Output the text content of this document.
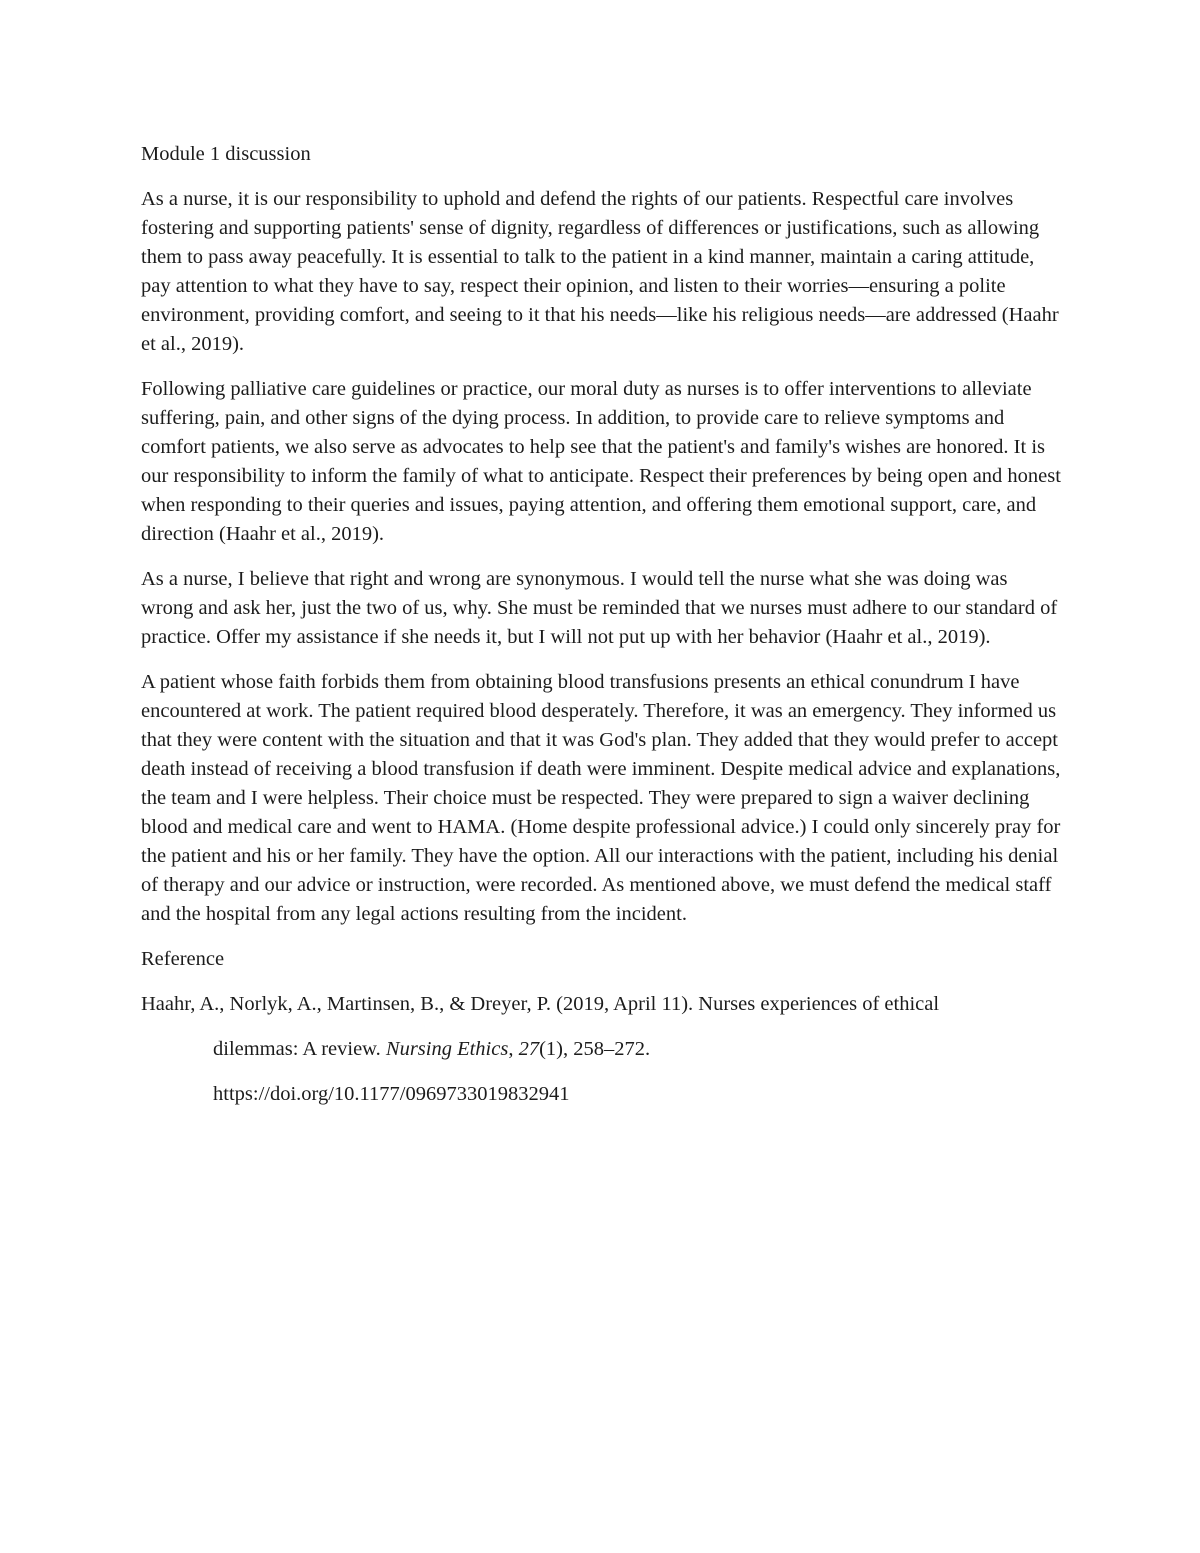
Module 1 discussion

As a nurse, it is our responsibility to uphold and defend the rights of our patients. Respectful care involves fostering and supporting patients' sense of dignity, regardless of differences or justifications, such as allowing them to pass away peacefully. It is essential to talk to the patient in a kind manner, maintain a caring attitude, pay attention to what they have to say, respect their opinion, and listen to their worries—ensuring a polite environment, providing comfort, and seeing to it that his needs—like his religious needs—are addressed (Haahr et al., 2019).

Following palliative care guidelines or practice, our moral duty as nurses is to offer interventions to alleviate suffering, pain, and other signs of the dying process. In addition, to provide care to relieve symptoms and comfort patients, we also serve as advocates to help see that the patient's and family's wishes are honored. It is our responsibility to inform the family of what to anticipate. Respect their preferences by being open and honest when responding to their queries and issues, paying attention, and offering them emotional support, care, and direction (Haahr et al., 2019).

As a nurse, I believe that right and wrong are synonymous. I would tell the nurse what she was doing was wrong and ask her, just the two of us, why. She must be reminded that we nurses must adhere to our standard of practice. Offer my assistance if she needs it, but I will not put up with her behavior (Haahr et al., 2019).

A patient whose faith forbids them from obtaining blood transfusions presents an ethical conundrum I have encountered at work. The patient required blood desperately. Therefore, it was an emergency. They informed us that they were content with the situation and that it was God's plan. They added that they would prefer to accept death instead of receiving a blood transfusion if death were imminent. Despite medical advice and explanations, the team and I were helpless. Their choice must be respected. They were prepared to sign a waiver declining blood and medical care and went to HAMA. (Home despite professional advice.) I could only sincerely pray for the patient and his or her family. They have the option. All our interactions with the patient, including his denial of therapy and our advice or instruction, were recorded. As mentioned above, we must defend the medical staff and the hospital from any legal actions resulting from the incident.

Reference

Haahr, A., Norlyk, A., Martinsen, B., & Dreyer, P. (2019, April 11). Nurses experiences of ethical

dilemmas: A review. Nursing Ethics, 27(1), 258–272.

https://doi.org/10.1177/0969733019832941
